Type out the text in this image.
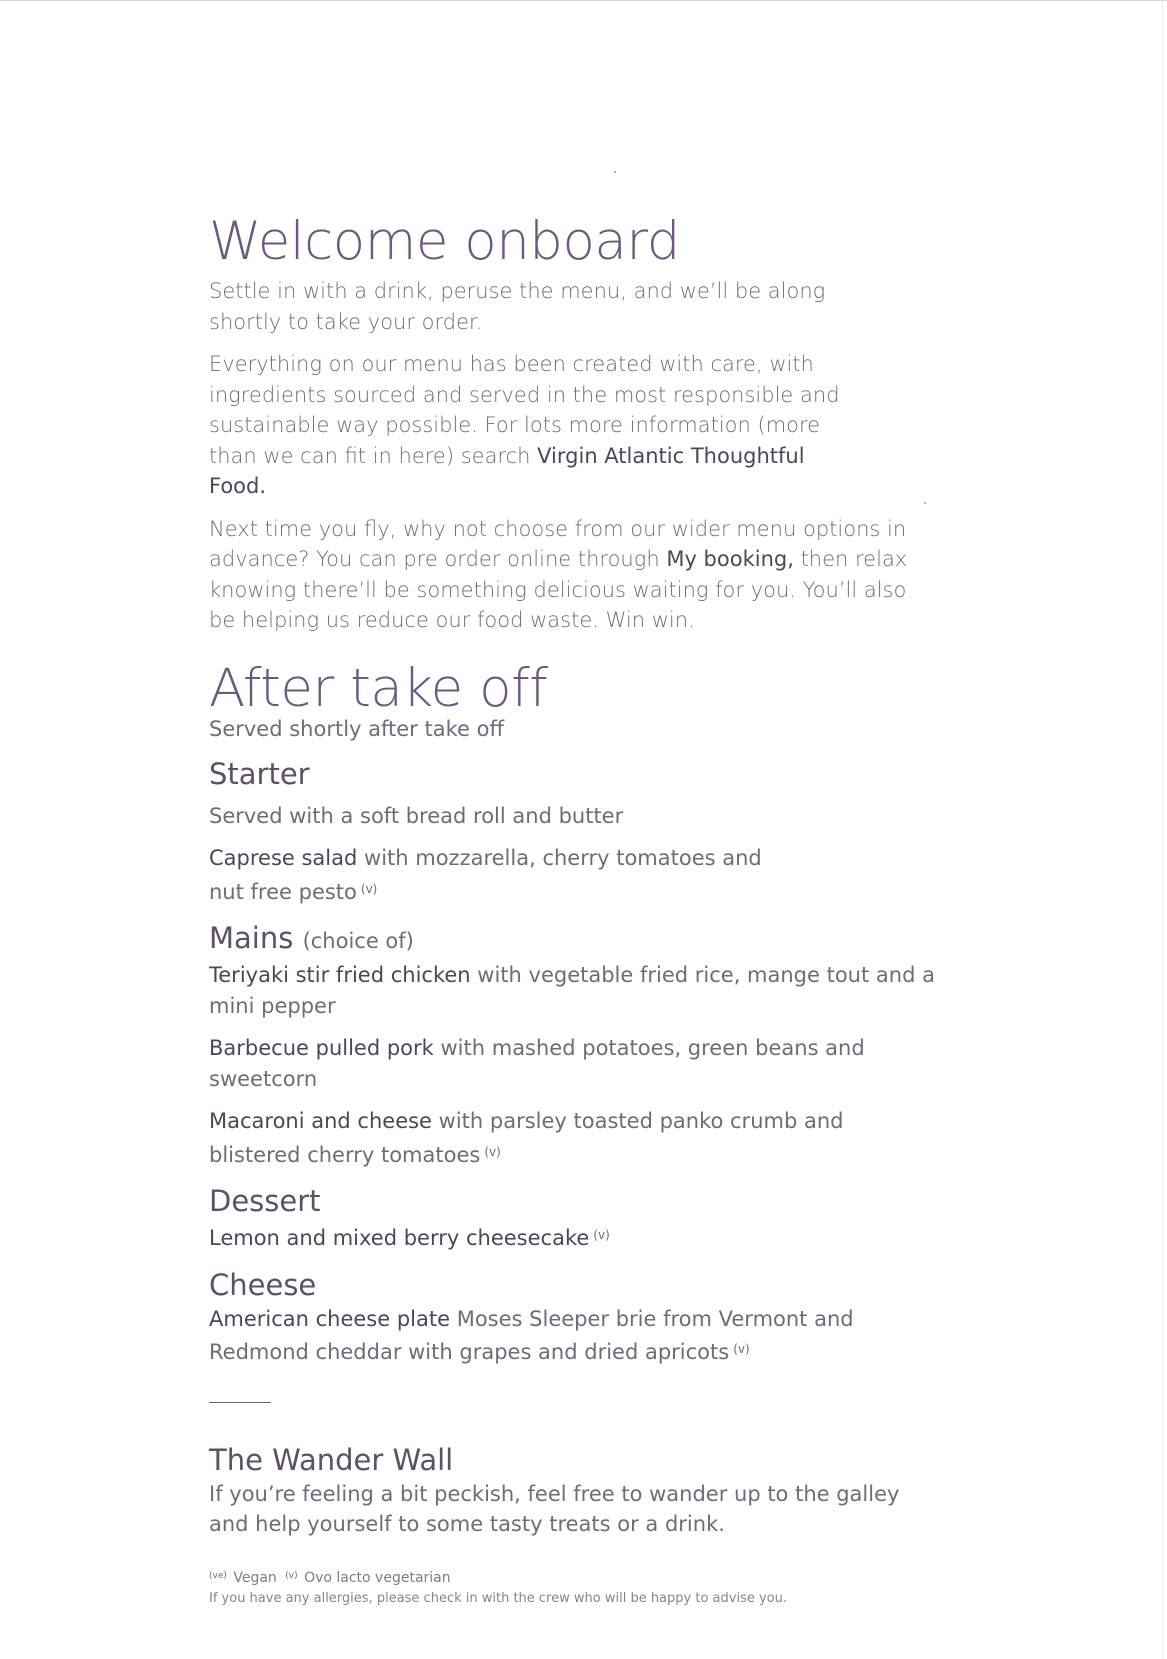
Welcome onboard

Settle in with a drink, peruse the menu, and we’ll be along shortly to take your order.

Everything on our menu has been created with care, with ingredients sourced and served in the most responsible and sustainable way possible. For lots more information (more than we can fit in here) search Virgin Atlantic Thoughtful Food.

Next time you fly, why not choose from our wider menu options in advance? You can pre order online through My booking, then relax knowing there’ll be something delicious waiting for you. You’ll also be helping us reduce our food waste. Win win.

After take off
Served shortly after take off
Starter
Served with a soft bread roll and butter
Caprese salad with mozzarella, cherry tomatoes and nut free pesto $^{(v)}$
Mains (choice of)
Teriyaki stir fried chicken with vegetable fried rice, mange tout and a mini pepper
Barbecue pulled pork with mashed potatoes, green beans and sweetcorn
Macaroni and cheese with parsley toasted panko crumb and blistered cherry tomatoes $^{(v)}$
Dessert
Lemon and mixed berry cheesecake $^{(v)}$
Cheese
American cheese plate Moses Sleeper brie from Vermont and Redmond cheddar with grapes and dried apricots $^{(v)}$
The Wander Wall
If you’re feeling a bit peckish, feel free to wander up to the galley and help yourself to some tasty treats or a drink.
$^{(ve)}$ Vegan $^{(v)}$ Ovo lacto vegetarian
If you have any allergies, please check in with the crew who will be happy to advise you.
